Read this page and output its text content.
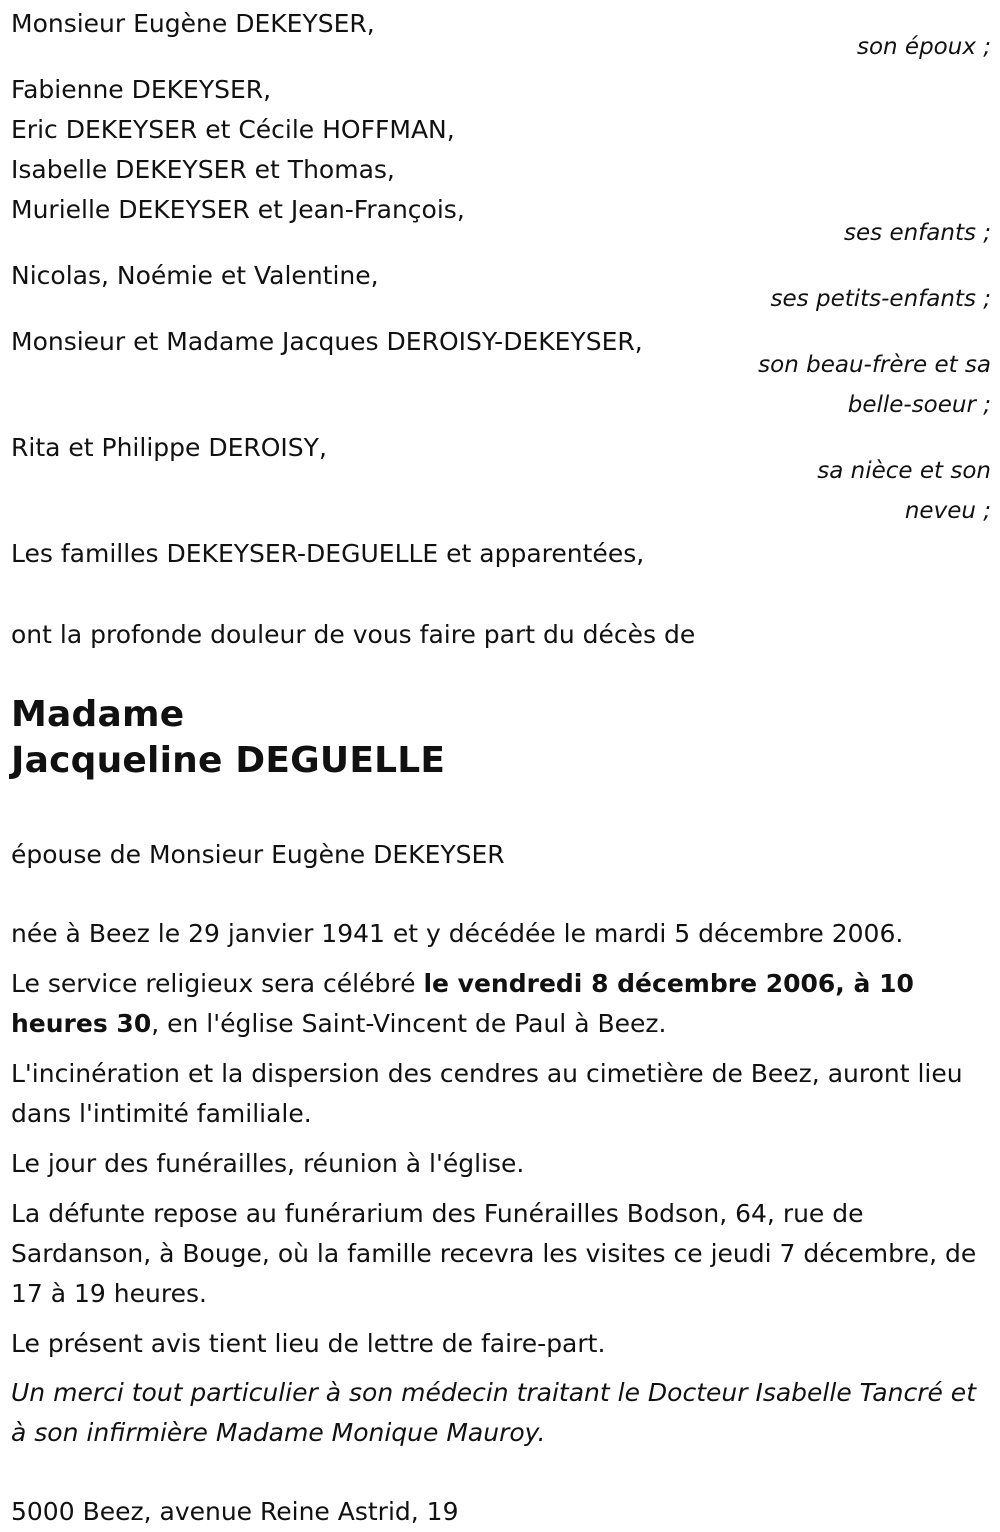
Monsieur Eugène DEKEYSER,
son époux ;
Fabienne DEKEYSER,
Eric DEKEYSER et Cécile HOFFMAN,
Isabelle DEKEYSER et Thomas,
Murielle DEKEYSER et Jean-François,
ses enfants ;
Nicolas, Noémie et Valentine,
ses petits-enfants ;
Monsieur et Madame Jacques DEROISY-DEKEYSER,
son beau-frère et sa
belle-soeur ;
Rita et Philippe DEROISY,
sa nièce et son
neveu ;
Les familles DEKEYSER-DEGUELLE et apparentées,
ont la profonde douleur de vous faire part du décès de
Madame
Jacqueline DEGUELLE
épouse de Monsieur Eugène DEKEYSER
née à Beez le 29 janvier 1941 et y décédée le mardi 5 décembre 2006.
Le service religieux sera célébré le vendredi 8 décembre 2006, à 10 heures 30, en l'église Saint-Vincent de Paul à Beez.
L'incinération et la dispersion des cendres au cimetière de Beez, auront lieu dans l'intimité familiale.
Le jour des funérailles, réunion à l'église.
La défunte repose au funérarium des Funérailles Bodson, 64, rue de Sardanson, à Bouge, où la famille recevra les visites ce jeudi 7 décembre, de 17 à 19 heures.
Le présent avis tient lieu de lettre de faire-part.
Un merci tout particulier à son médecin traitant le Docteur Isabelle Tancré et à son infirmière Madame Monique Mauroy.
5000 Beez, avenue Reine Astrid, 19
